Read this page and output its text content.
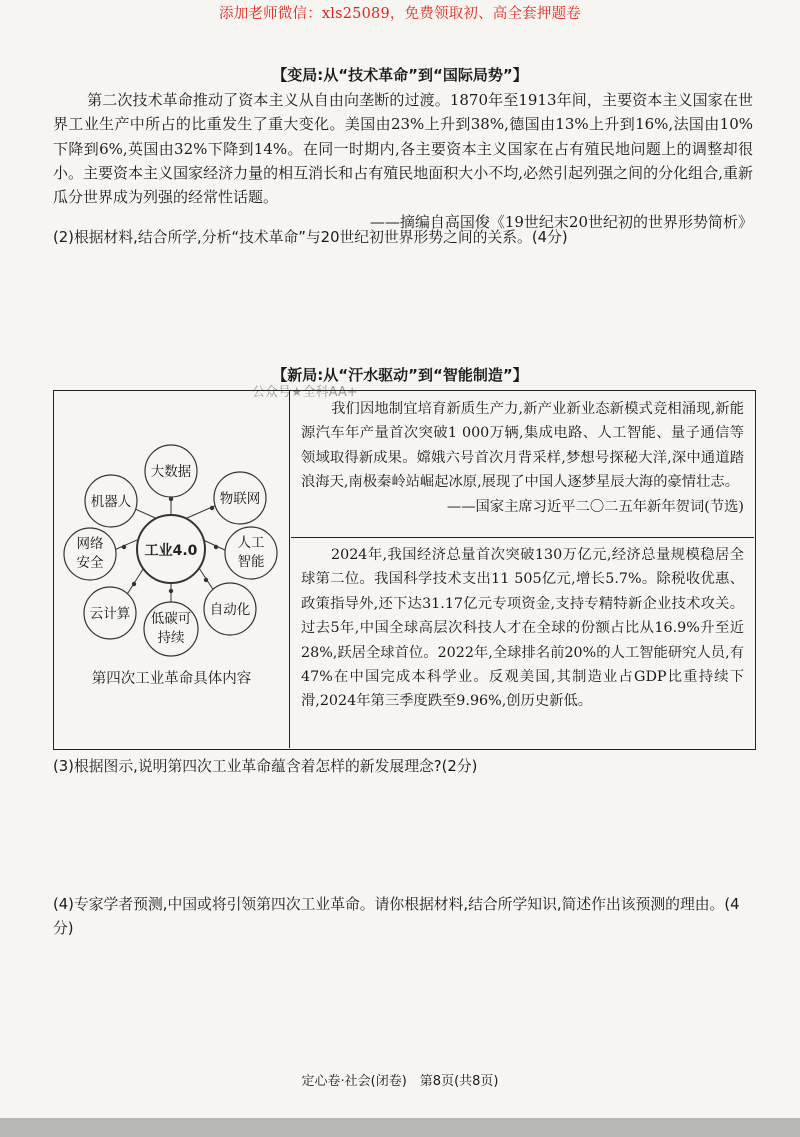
添加老师微信：xls25089，免费领取初、高全套押题卷
【变局:从“技术革命”到“国际局势”】
第二次技术革命推动了资本主义从自由向垄断的过渡。1870年至1913年间，主要资本主义国家在世界工业生产中所占的比重发生了重大变化。美国由23%上升到38%,德国由13%上升到16%,法国由10%下降到6%,英国由32%下降到14%。在同一时期内,各主要资本主义国家在占有殖民地问题上的调整却很小。主要资本主义国家经济力量的相互消长和占有殖民地面积大小不均,必然引起列强之间的分化组合,重新瓜分世界成为列强的经常性话题。
——摘编自高国俊《19世纪末20世纪初的世界形势简析》
(2)根据材料,结合所学,分析“技术革命”与20世纪初世界形势之间的关系。(4分)
【新局:从“汗水驱动”到“智能制造”】
公众号★全科AA+
工业4.0
大数据
物联网
人工
智能
自动化
低碳可
持续
云计算
网络
安全
机器人
第四次工业革命具体内容
我们因地制宜培育新质生产力,新产业新业态新模式竞相涌现,新能源汽车年产量首次突破1 000万辆,集成电路、人工智能、量子通信等领域取得新成果。嫦娥六号首次月背采样,梦想号探秘大洋,深中通道踏浪海天,南极秦岭站崛起冰原,展现了中国人逐梦星辰大海的豪情壮志。
——国家主席习近平二〇二五年新年贺词(节选)
2024年,我国经济总量首次突破130万亿元,经济总量规模稳居全球第二位。我国科学技术支出11 505亿元,增长5.7%。除税收优惠、政策指导外,还下达31.17亿元专项资金,支持专精特新企业技术攻关。过去5年,中国全球高层次科技人才在全球的份额占比从16.9%升至近28%,跃居全球首位。2022年,全球排名前20%的人工智能研究人员,有47%在中国完成本科学业。反观美国,其制造业占GDP比重持续下滑,2024年第三季度跌至9.96%,创历史新低。
(3)根据图示,说明第四次工业革命蕴含着怎样的新发展理念?(2分)
(4)专家学者预测,中国或将引领第四次工业革命。请你根据材料,结合所学知识,简述作出该预测的理由。(4分)
定心卷·社会(闭卷)　第8页(共8页)
